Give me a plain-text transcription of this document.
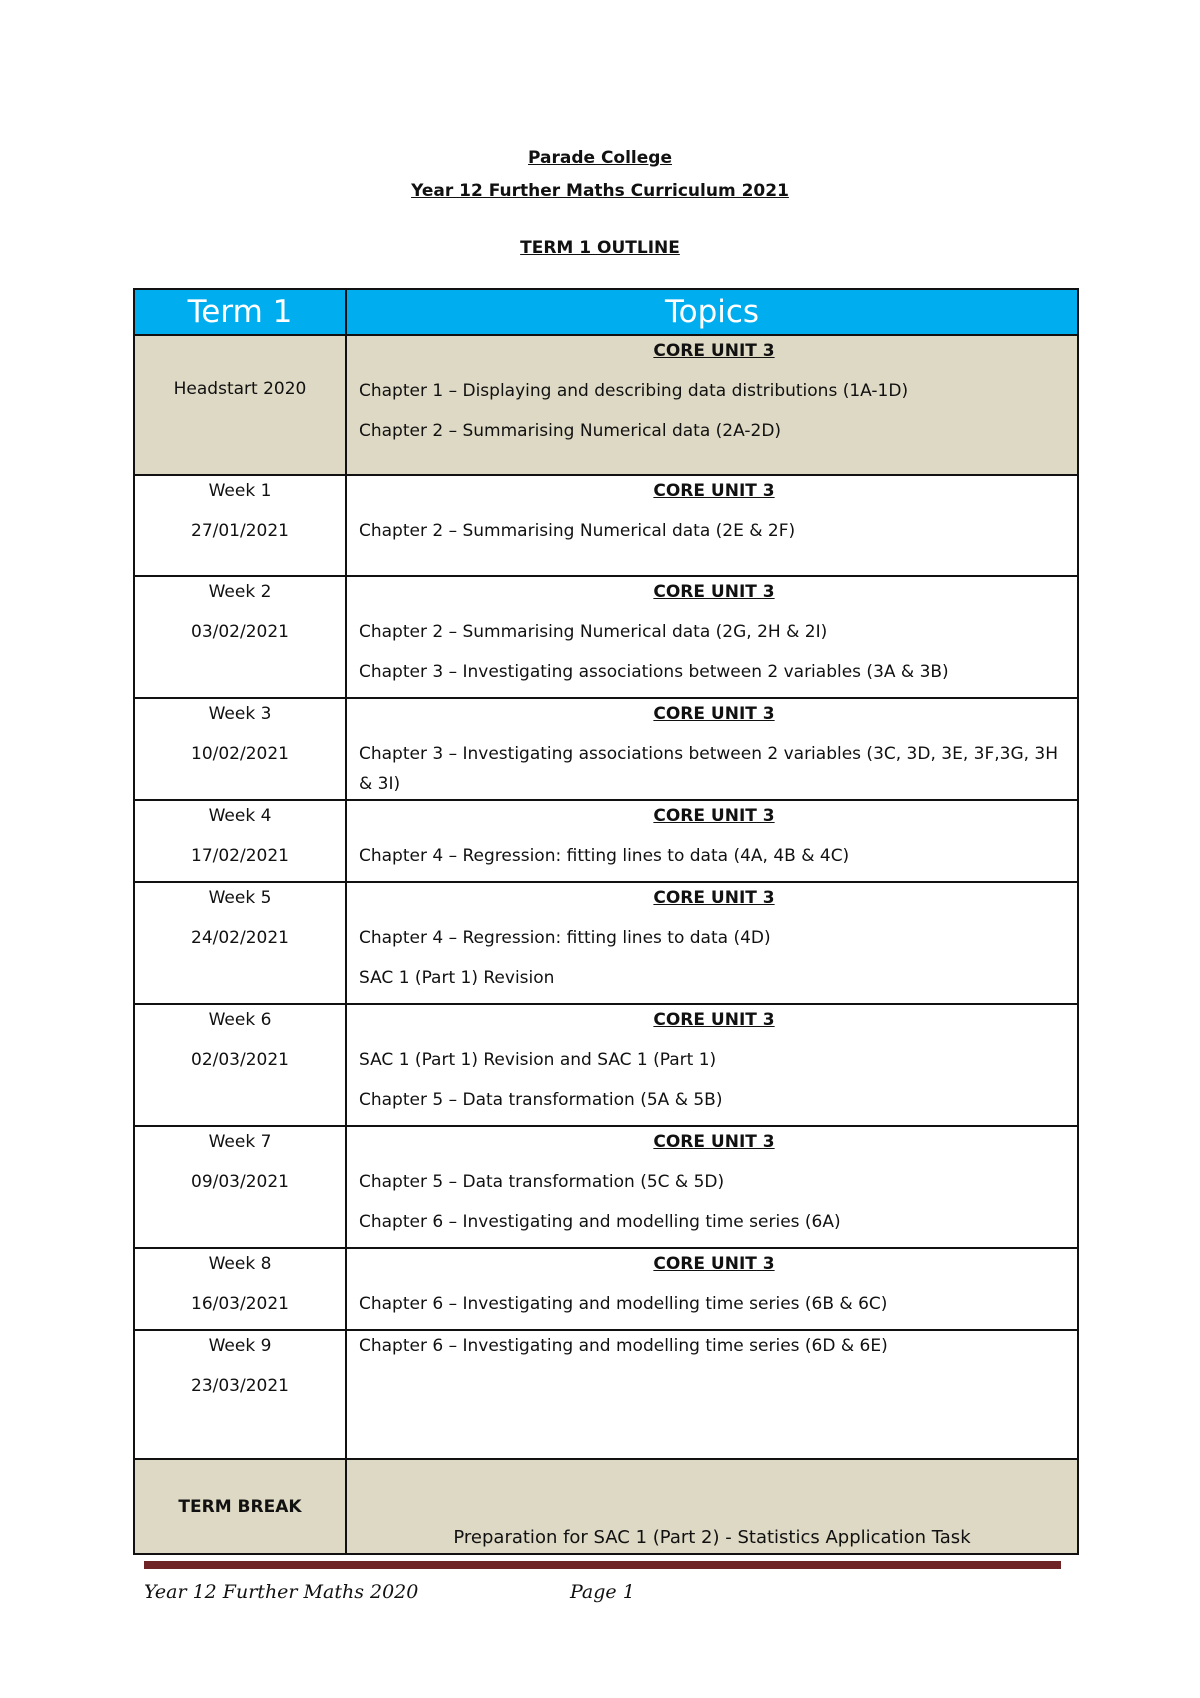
Parade College
Year 12 Further Maths Curriculum 2021
TERM 1 OUTLINE
Term 1	Topics

Headstart 2020	CORE UNIT 3
Chapter 1 – Displaying and describing data distributions (1A-1D)
Chapter 2 – Summarising Numerical data (2A-2D)

Week 1
27/01/2021	CORE UNIT 3
Chapter 2 – Summarising Numerical data (2E & 2F)

Week 2
03/02/2021	CORE UNIT 3
Chapter 2 – Summarising Numerical data (2G, 2H & 2I)
Chapter 3 – Investigating associations between 2 variables (3A & 3B)

Week 3
10/02/2021	CORE UNIT 3
Chapter 3 – Investigating associations between 2 variables (3C, 3D, 3E, 3F,3G, 3H & 3I)

Week 4
17/02/2021	CORE UNIT 3
Chapter 4 – Regression: fitting lines to data (4A, 4B & 4C)

Week 5
24/02/2021	CORE UNIT 3
Chapter 4 – Regression: fitting lines to data (4D)
SAC 1 (Part 1) Revision

Week 6
02/03/2021	CORE UNIT 3
SAC 1 (Part 1) Revision and SAC 1 (Part 1)
Chapter 5 – Data transformation (5A & 5B)

Week 7
09/03/2021	CORE UNIT 3
Chapter 5 – Data transformation (5C & 5D)
Chapter 6 – Investigating and modelling time series (6A)

Week 8
16/03/2021	CORE UNIT 3
Chapter 6 – Investigating and modelling time series (6B & 6C)

Week 9
23/03/2021	Chapter 6 – Investigating and modelling time series (6D & 6E)

TERM BREAK	Preparation for SAC 1 (Part 2) - Statistics Application Task
Year 12 Further Maths 2020	Page 1
